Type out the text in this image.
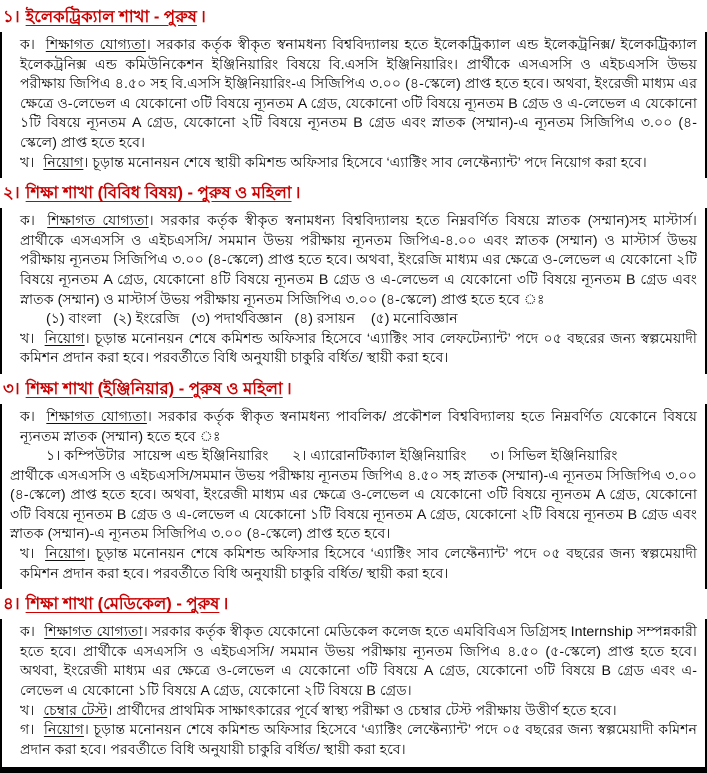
১। ইলেকট্রিক্যাল শাখা - পুরুষ ।
ক। শিক্ষাগত যোগ্যতা। সরকার কর্তৃক স্বীকৃত স্বনামধন্য বিশ্ববিদ্যালয় হতে ইলেকট্রিক্যাল এন্ড ইলেকট্রনিক্স/ ইলেকট্রিক্যাল ইলেকট্রনিক্স এন্ড কমিউনিকেশন ইঞ্জিনিয়ারিং বিষয়ে বি.এসসি ইঞ্জিনিয়ারিং। প্রার্থীকে এসএসসি ও এইচএসসি উভয় পরীক্ষায় জিপিএ ৪.৫০ সহ বি.এসসি ইঞ্জিনিয়ারিং-এ সিজিপিএ ৩.০০ (৪-স্কেলে) প্রাপ্ত হতে হবে। অথবা, ইংরেজী মাধ্যম এর ক্ষেত্রে ও-লেভেল এ যেকোনো ৩টি বিষয়ে ন্যূনতম A গ্রেড, যেকোনো ৩টি বিষয়ে ন্যূনতম B গ্রেড ও এ-লেভেল এ যেকোনো ১টি বিষয়ে ন্যূনতম A গ্রেড, যেকোনো ২টি বিষয়ে ন্যূনতম B গ্রেড এবং স্নাতক (সম্মান)-এ ন্যূনতম সিজিপিএ ৩.০০ (৪-স্কেলে) প্রাপ্ত হতে হবে।
খ। নিয়োগ। চূড়ান্ত মনোনয়ন শেষে স্থায়ী কমিশন্ড অফিসার হিসেবে ‘এ্যাক্টিং সাব লেফ্টেন্যান্ট’ পদে নিয়োগ করা হবে।
২। শিক্ষা শাখা (বিবিধ বিষয়) - পুরুষ ও মহিলা ।
ক। শিক্ষাগত যোগ্যতা। সরকার কর্তৃক স্বীকৃত স্বনামধন্য বিশ্ববিদ্যালয় হতে নিম্নবর্ণিত বিষয়ে স্নাতক (সম্মান)সহ মাস্টার্স। প্রার্থীকে এসএসসি ও এইচএসসি/ সমমান উভয় পরীক্ষায় ন্যূনতম জিপিএ-৪.০০ এবং স্নাতক (সম্মান) ও মাস্টার্স উভয় পরীক্ষায় ন্যূনতম সিজিপিএ ৩.০০ (৪-স্কেলে) প্রাপ্ত হতে হবে। অথবা, ইংরেজি মাধ্যম এর ক্ষেত্রে ও-লেভেল এ যেকোনো ২টি বিষয়ে ন্যূনতম A গ্রেড, যেকোনো ৪টি বিষয়ে ন্যূনতম B গ্রেড ও এ-লেভেল এ যেকোনো ৩টি বিষয়ে ন্যূনতম B গ্রেড এবং স্নাতক (সম্মান) ও মাস্টার্স উভয় পরীক্ষায় ন্যূনতম সিজিপিএ ৩.০০ (৪-স্কেলে) প্রাপ্ত হতে হবে ঃ
(১) বাংলা   (২) ইংরেজি   (৩) পদার্থবিজ্ঞান   (৪) রসায়ন    (৫) মনোবিজ্ঞান
খ। নিয়োগ। চূড়ান্ত মনোনয়ন শেষে কমিশন্ড অফিসার হিসেবে ‘এ্যাক্টিং সাব লেফটেন্যান্ট’ পদে ০৫ বছরের জন্য স্বল্পমেয়াদী কমিশন প্রদান করা হবে। পরবর্তীতে বিধি অনুযায়ী চাকুরি বর্ধিত/ স্থায়ী করা হবে।
৩। শিক্ষা শাখা (ইঞ্জিনিয়ার) - পুরুষ ও মহিলা ।
ক। শিক্ষাগত যোগ্যতা। সরকার কর্তৃক স্বীকৃত স্বনামধন্য পাবলিক/ প্রকৌশল বিশ্ববিদ্যালয় হতে নিম্নবর্ণিত যেকোনে বিষয়ে ন্যূনতম স্নাতক (সম্মান) হতে হবে ঃ
১। কম্পিউটার  সায়েন্স এন্ড ইঞ্জিনিয়ারিং      ২। এ্যারোনটিক্যাল ইঞ্জিনিয়ারিং      ৩। সিভিল ইঞ্জিনিয়ারিং
প্রার্থীকে এসএসসি ও এইচএসসি/সমমান উভয় পরীক্ষায় ন্যূনতম জিপিএ ৪.৫০ সহ স্নাতক (সম্মান)-এ ন্যূনতম সিজিপিএ ৩.০০ (৪-স্কেলে) প্রাপ্ত হতে হবে। অথবা, ইংরেজী মাধ্যম এর ক্ষেত্রে ও-লেভেল এ যেকোনো ৩টি বিষয়ে ন্যূনতম A গ্রেড, যেকোনো ৩টি বিষয়ে ন্যূনতম B গ্রেড ও এ-লেভেল এ যেকোনো ১টি বিষয়ে ন্যূনতম A গ্রেড, যেকোনো ২টি বিষয়ে ন্যূনতম B গ্রেড এবং স্নাতক (সম্মান)-এ ন্যূনতম সিজিপিএ ৩.০০ (৪-স্কেলে) প্রাপ্ত হতে হবে।
খ। নিয়োগ। চূড়ান্ত মনোনয়ন শেষে কমিশন্ড অফিসার হিসেবে ‘এ্যাক্টিং সাব লেফ্টেন্যান্ট’ পদে ০৫ বছরের জন্য স্বল্পমেয়াদী কমিশন প্রদান করা হবে। পরবর্তীতে বিধি অনুযায়ী চাকুরি বর্ধিত/ স্থায়ী করা হবে।
৪। শিক্ষা শাখা (মেডিকেল) - পুরুষ ।
ক। শিক্ষাগত যোগ্যতা। সরকার কর্তৃক স্বীকৃত যেকোনো মেডিকেল কলেজ হতে এমবিবিএস ডিগ্রিসহ Internship সম্পন্নকারী হতে হবে। প্রার্থীকে এসএসসি ও এইচএসসি/ সমমান উভয় পরীক্ষায় ন্যূনতম জিপিএ ৪.৫০ (৫-স্কেলে) প্রাপ্ত হতে হবে। অথবা, ইংরেজী মাধ্যম এর ক্ষেত্রে ও-লেভেল এ যেকোনো ৩টি বিষয়ে A গ্রেড, যেকোনো ৩টি বিষয়ে B গ্রেড এবং এ-লেভেল এ যেকোনো ১টি বিষয়ে A গ্রেড, যেকোনো ২টি বিষয়ে B গ্রেড।
খ। চেম্বার টেস্ট। প্রার্থীদের প্রাথমিক সাক্ষাৎকারের পূর্বে স্বাস্থ্য পরীক্ষা ও চেম্বার টেস্ট পরীক্ষায় উত্তীর্ণ হতে হবে।
গ। নিয়োগ। চূড়ান্ত মনোনয়ন শেষে কমিশন্ড অফিসার হিসেবে ‘এ্যাক্টিং লেফ্টেন্যান্ট’ পদে ০৫ বছরের জন্য স্বল্পমেয়াদী কমিশন প্রদান করা হবে। পরবর্তীতে বিধি অনুযায়ী চাকুরি বর্ধিত/ স্থায়ী করা হবে।
